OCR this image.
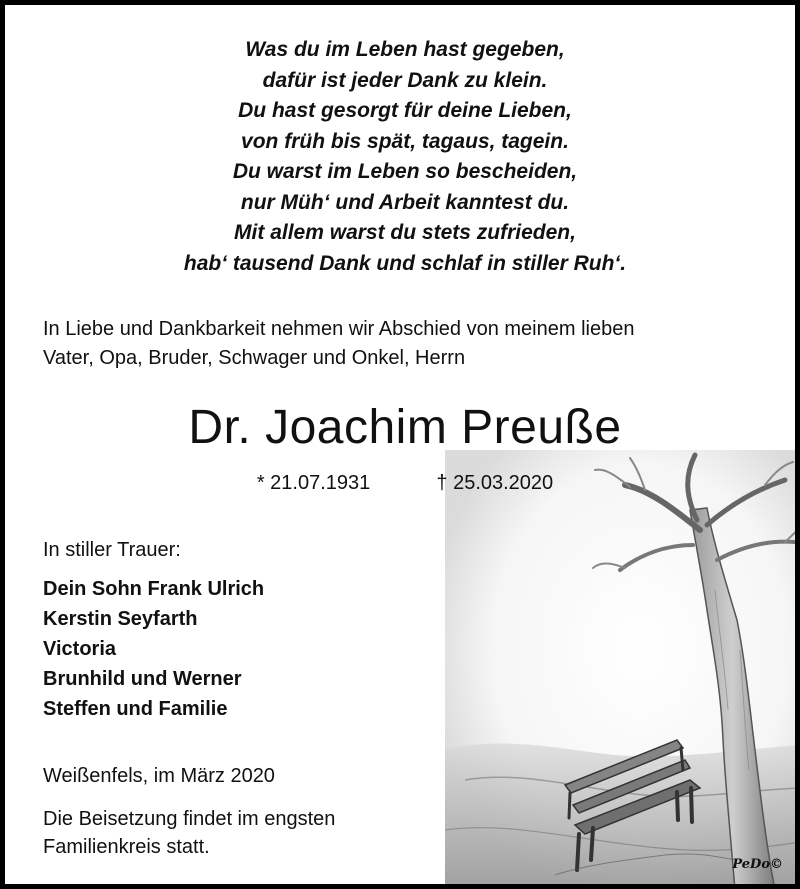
Was du im Leben hast gegeben,
dafür ist jeder Dank zu klein.
Du hast gesorgt für deine Lieben,
von früh bis spät, tagaus, tagein.
Du warst im Leben so bescheiden,
nur Müh‘ und Arbeit kanntest du.
Mit allem warst du stets zufrieden,
hab‘ tausend Dank und schlaf in stiller Ruh‘.
In Liebe und Dankbarkeit nehmen wir Abschied von meinem lieben
Vater, Opa, Bruder, Schwager und Onkel, Herrn
Dr. Joachim Preuße
* 21.07.1931	† 25.03.2020
In stiller Trauer:
Dein Sohn Frank Ulrich
Kerstin Seyfarth
Victoria
Brunhild und Werner
Steffen und Familie
Weißenfels, im März 2020
Die Beisetzung findet im engsten
Familienkreis statt.
PeDo©
